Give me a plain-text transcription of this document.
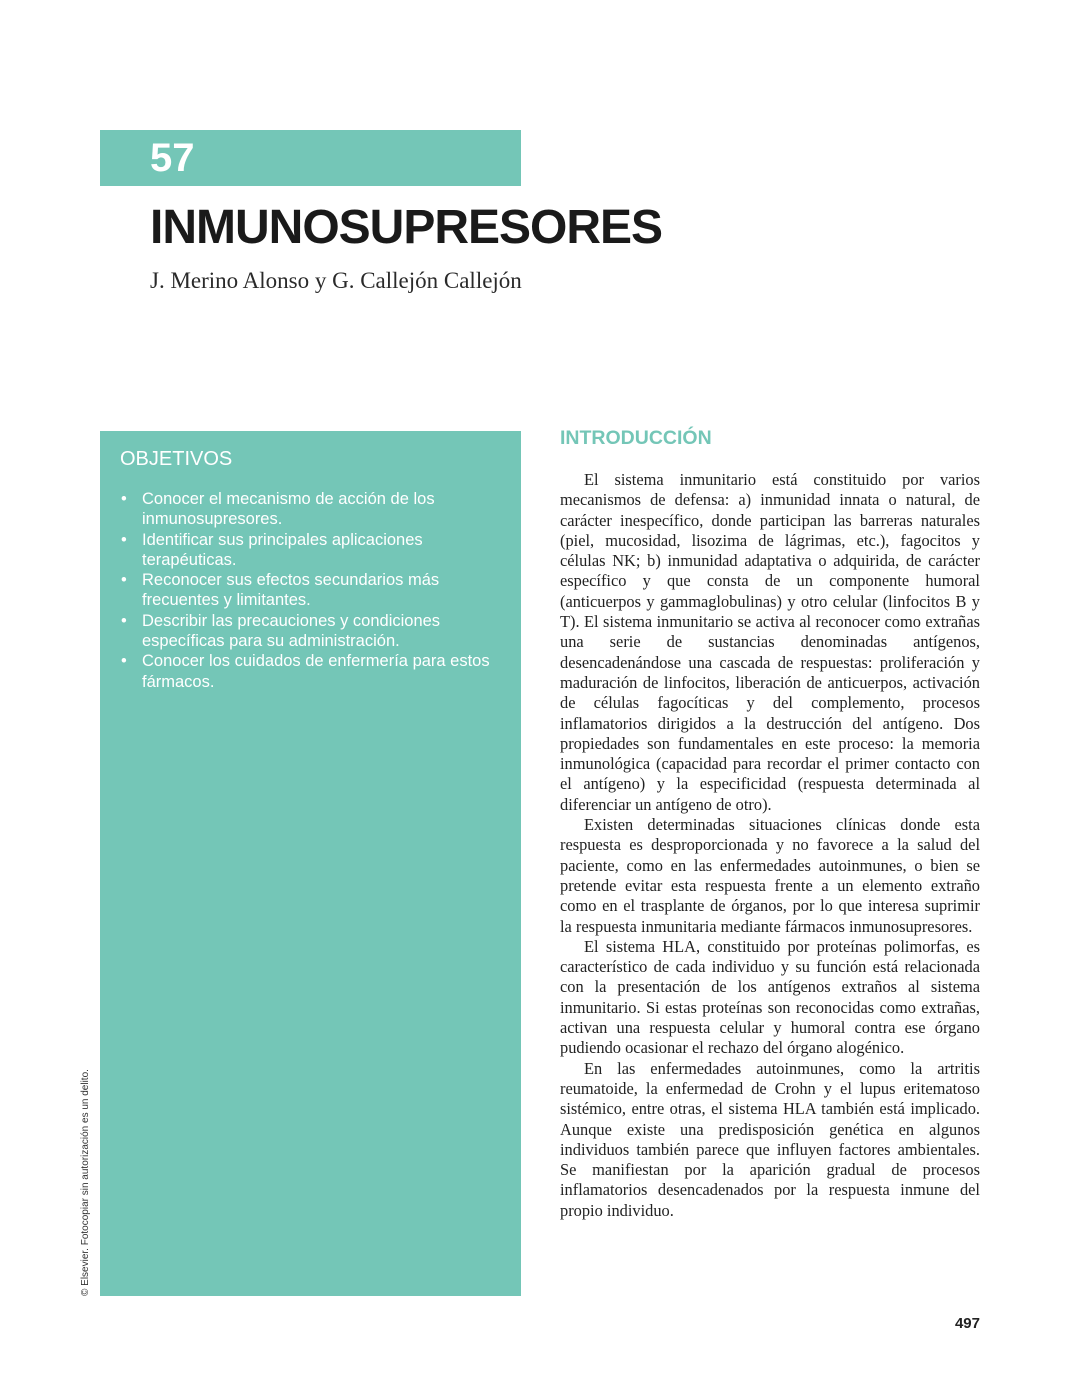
57
INMUNOSUPRESORES
J. Merino Alonso y G. Callejón Callejón
OBJETIVOS
• Conocer el mecanismo de acción de los inmunosupresores.
• Identificar sus principales aplicaciones terapéuticas.
• Reconocer sus efectos secundarios más frecuentes y limitantes.
• Describir las precauciones y condiciones específicas para su administración.
• Conocer los cuidados de enfermería para estos fármacos.
INTRODUCCIÓN

El sistema inmunitario está constituido por varios mecanismos de defensa: a) inmunidad innata o natural, de carácter inespecífico, donde participan las barreras naturales (piel, mucosidad, lisozima de lágrimas, etc.), fagocitos y células NK; b) inmunidad adaptativa o adquirida, de carácter específico y que consta de un componente humoral (anticuerpos y gammaglobulinas) y otro celular (linfocitos B y T). El sistema inmunitario se activa al reconocer como extrañas una serie de sustancias denominadas antígenos, desencadenándose una cascada de respuestas: proliferación y maduración de linfocitos, liberación de anticuerpos, activación de células fagocíticas y del complemento, procesos inflamatorios dirigidos a la destrucción del antígeno. Dos propiedades son fundamentales en este proceso: la memoria inmunológica (capacidad para recordar el primer contacto con el antígeno) y la especificidad (respuesta determinada al diferenciar un antígeno de otro).

Existen determinadas situaciones clínicas donde esta respuesta es desproporcionada y no favorece a la salud del paciente, como en las enfermedades autoinmunes, o bien se pretende evitar esta respuesta frente a un elemento extraño como en el trasplante de órganos, por lo que interesa suprimir la respuesta inmunitaria mediante fármacos inmunosupresores.

El sistema HLA, constituido por proteínas polimorfas, es característico de cada individuo y su función está relacionada con la presentación de los antígenos extraños al sistema inmunitario. Si estas proteínas son reconocidas como extrañas, activan una respuesta celular y humoral contra ese órgano pudiendo ocasionar el rechazo del órgano alogénico.

En las enfermedades autoinmunes, como la artritis reumatoide, la enfermedad de Crohn y el lupus eritematoso sistémico, entre otras, el sistema HLA también está implicado. Aunque existe una predisposición genética en algunos individuos también parece que influyen factores ambientales. Se manifiestan por la aparición gradual de procesos inflamatorios desencadenados por la respuesta inmune del propio individuo.

497
© Elsevier. Fotocopiar sin autorización es un delito.
